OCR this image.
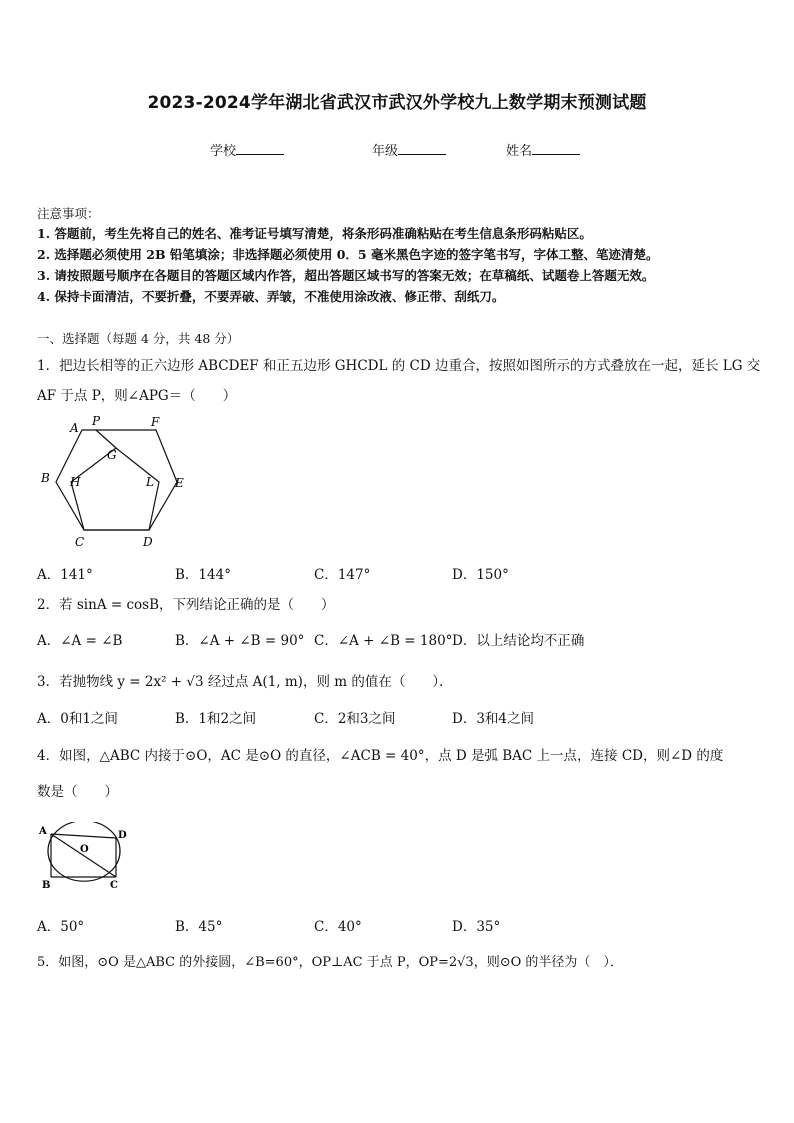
2023-2024学年湖北省武汉市武汉外学校九上数学期末预测试题
学校	年级	姓名
注意事项：
1. 答题前，考生先将自己的姓名、准考证号填写清楚，将条形码准确粘贴在考生信息条形码粘贴区。
2. 选择题必须使用 2B 铅笔填涂；非选择题必须使用 0．5 毫米黑色字迹的签字笔书写，字体工整、笔迹清楚。
3. 请按照题号顺序在各题目的答题区域内作答，超出答题区域书写的答案无效；在草稿纸、试题卷上答题无效。
4. 保持卡面清洁，不要折叠，不要弄破、弄皱，不准使用涂改液、修正带、刮纸刀。
一、选择题（每题 4 分，共 48 分）
1．把边长相等的正六边形 ABCDEF 和正五边形 GHCDL 的 CD 边重合，按照如图所示的方式叠放在一起，延长 LG 交
AF 于点 P，则∠APG＝（　　）
A P	F
G
B H	L E
C	D
A．141°	B．144°	C．147°	D．150°
2．若 sinA = cosB，下列结论正确的是（　　）
A．∠A = ∠B	B．∠A + ∠B = 90° C．∠A + ∠B = 180° D．以上结论均不正确
3．若抛物线 y = 2x² + √3 经过点 A(1, m)，则 m 的值在（　　）．
A．0和1之间	B．1和2之间	C．2和3之间	D．3和4之间
4．如图，△ABC 内接于⊙O，AC 是⊙O 的直径，∠ACB = 40°，点 D 是弧 BAC 上一点，连接 CD，则∠D 的度
数是（　　）
A	D
O
B	C
A．50°	B．45°	C．40°	D．35°
5．如图，⊙O 是△ABC 的外接圆，∠B=60°，OP⊥AC 于点 P，OP=2√3，则⊙O 的半径为（　）．
